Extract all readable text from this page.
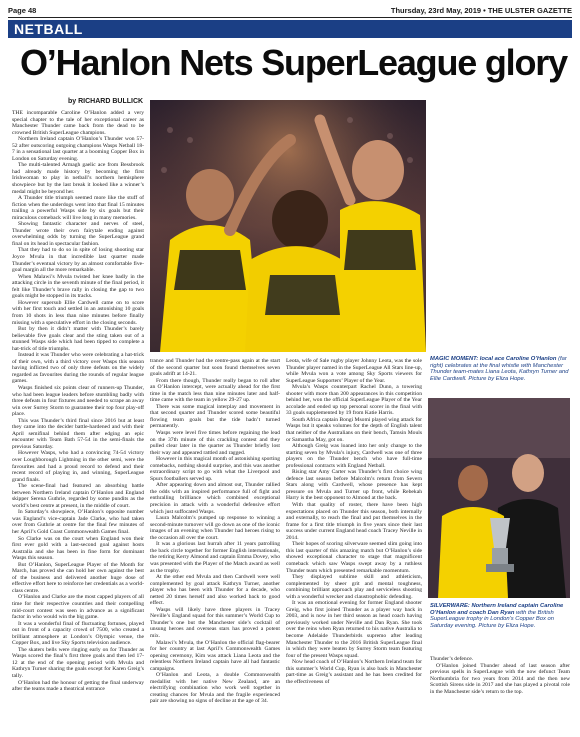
Page 48	Thursday, 23rd May, 2019 • THE ULSTER GAZETTE
NETBALL
O’Hanlon Nets SuperLeague glory
by RICHARD BULLICK

THE incomparable Caroline O’Hanlon added a very special chapter to the tale of her exceptional career as Manchester Thunder came back from the dead to be crowned British SuperLeague champions.

Northern Ireland captain O’Hanlon’s Thunder won 57-52 after outscoring outgoing champions Wasps Netball 18-7 in a sensational last quarter at a booming Copper Box in London on Saturday evening.

The multi-talented Armagh gaelic ace from Bessbrook had already made history by becoming the first Irishwoman to play in netball’s northern hemisphere showpiece but by the last break it looked like a winner’s medal might be beyond her.

A Thunder title triumph seemed more like the stuff of fiction when the underdogs went into that final 15 minutes trailing a powerful Wasps side by six goals but their miraculous comeback will live long in many memories.

Showing fantastic character and nerves of steel, Thunder wrote their own fairytale ending against overwhelming odds by turning the SuperLeague grand final on its head in spectacular fashion.

That they had to do so in spite of losing shooting star Joyce Mvula in that incredible last quarter made Thunder’s eventual victory by an almost comfortable five-goal margin all the more remarkable.

When Malawi’s Mvula twisted her knee badly in the attacking circle in the seventh minute of the final period, it felt like Thunder’s brave rally in closing the gap to two goals might be stopped in its tracks.

However supersub Ellie Cardwell came on to score with her first touch and settled in an astonishing 10 goals from 10 shots in less than nine minutes before finally missing with a speculative effort in the closing seconds.

But by then it didn’t matter with Thunder’s barely believable five goals clear and the sting taken out of a stunned Wasps side which had been tipped to complete a hat-trick of title triumphs.

Instead it was Thunder who were celebrating a hat-trick of their own, with a third victory over Wasps this season having inflicted two of only three defeats on the widely regarded as favourites during the rounds of regular league games.

Wasps finished six points clear of runners-up Thunder, who had been league leaders before stumbling badly with three defeats in four fixtures and needed to scrape an away win over Surrey Storm to guarantee their top four play-off place.

This was Thunder’s third final since 2016 but at least they came into the decider battle-hardened and with their April semifinal behind them after edging an epic encounter with Team Bath 57-54 in the semi-finals the previous Saturday.

However Wasps, who had a convincing 74-54 victory over Loughborough Lightning in the other semi, were the favourites and had a proud record to defend and their recent record of playing in, and winning, SuperLeague grand finals.

The scene-final had featured an absorbing battle between Northern Ireland captain O’Hanlon and England skipper Serena Guthrie, regarded by some pundits as the world’s best centre at present, in the middle of court.

In Saturday’s showpiece, O’Hanlon’s opposite number was England’s vice-captain Jade Clarke, who had taken over from Guthrie at centre for the final few minutes of her April’s Gold Coast Commonwealth Games final.

So Clarke was on the court when England won their first ever gold with a last-second goal against hosts Australia and she has been in fine form for dominant Wasps this season.

But O’Hanlon, SuperLeague Player of the Month for March, has proved she can hold her own against the best of the business and delivered another huge dose of effective effort here to reinforce her credentials as a world-class centre.

O’Hanlon and Clarke are the most capped players of all time for their respective countries and their compelling mid-court contest was seen in advance as a significant factor in who would win the big game.

It was a wonderful final of fluctuating fortunes, played out in front of a capacity crowd of 7500, who created a brilliant atmosphere at London’s Olympic venue, the Copper Box, and live Sky Sports television audience.

The skaters bells were ringing early on for Thunder as Wasps scored the final’s first three goals and then led 17-12 at the end of the opening period with Mvula and Kathryn Turner sharing the goals except for Karen Greig’s tally.

O’Hanlon had the honour of getting the final underway after the teams made a theatrical entrance

MAGIC MOMENT: local ace Caroline O’Hanlon (far right) celebrates at the final whistle with Manchester Thunder team-mates Liana Leota, Kathryn Turner and Ellie Cardwell. Picture by Eliza Hope.

trance and Thunder had the centre-pass again at the start of the second quarter but soon found themselves seven goals adrift at 14-21.

From there though, Thunder really began to roll after an O’Hanlon intercept, were actually ahead for the first time in the match less than nine minutes later and half-time came with the team in yellow 29-27 up.

There was some magical interplay and movement in that second quarter and Thunder scored some beautiful flowing team goals but the tide hadn’t turned permanently.

Wasps were level five times before regaining the lead on the 37th minute of this crackling contest and they pulled clear later in the quarter as Thunder briefly lost their way and appeared rattled and ragged.

However in this magical month of astonishing sporting comebacks, nothing should surprise, and this was another extraordinary script to go with what the Liverpool and Spurs footballers served up.

After appearing down and almost out, Thunder rallied the odds with an inspired performance full of fight and enthralling brilliance which combined exceptional precision in attack with a wonderful defensive effort which just suffocated Wasps.

Laura Malcolm’s pumped up response to winning a second-minute turnover will go down as one of the iconic images of an evening when Thunder had heroes rising to the occasion all over the court.

It was a glorious last hurrah after 11 years patrolling the back circle together for former English internationals, the retiring Kerry Almond and captain Emma Dovey, who was presented with the Player of the Match award as well as the trophy.

At the other end Mvula and then Cardwell were well complemented by goal attack Kathryn Turner, another player who has been with Thunder for a decade, who netted 20 times herself and also worked back to good effect.

Wasps will likely have three players in Tracey Neville’s England squad for this summer’s World Cup to Thunder’s one but the Manchester side’s cocktail of unsung heroes and overseas stars has proved a potent mix.

Malawi’s Mvula, the O’Hanlon the official flag-bearer for her country at last April’s Commonwealth Games opening ceremony, Kim was attack Liana Leota and the relentless Northern Ireland captain have all had fantastic campaigns.

O’Hanlon and Leota, a double Commonwealth medallist with her native New Zealand, are an electrifying combination who work well together in creating chances for Mvula and the fragile experienced pair are showing no signs of decline at the age of 34.

Leota, wife of Sale rugby player Johnny Leota, was the sole Thunder player named in the SuperLeague All Stars line-up, while Mvula won a vote among Sky Sports viewers for SuperLeague Supporters’ Player of the Year.

Mvula’s Wasps counterpart Rachel Dunn, a towering shooter with more than 200 appearances in this competition behind her, won the official SuperLeague Player of the Year accolade and ended up top personal scorer in the final with 33 goals supplemented by 19 from Katie Harris.

South Africa captain Bongi Msomi played wing attack for Wasps but it speaks volumes for the depth of English talent that neither of the Australians on their bench, Tamsin Mouls or Samantha May, got on.

Although Greig was loaned into her only change to the starting seven by Mvula’s injury, Cardwell was one of three players on the Thunder bench who have full-time professional contracts with England Netball.

Rising star Amy Carter was Thunder’s first choice wing defence last season before Malcolm’s return from Severn Stars along with Cardwell, whose presence has kept pressure on Mvula and Turner up front, while Rebekah Harry is the best opponent to Almond at the back.

With that quality of roster, there have been high expectations placed on Thunder this season, both internally and externally, to reach the final and put themselves in the frame for a first title triumph in five years since their last success under current England head coach Tracey Neville in 2014.

Their hopes of scoring silverware seemed slim going into this last quarter of this amazing match but O’Hanlon’s side showed exceptional character to stage that magnificent comeback which saw Wasps swept away by a ruthless Thunder team which presented remarkable momentum.

They displayed sublime skill and athleticism, complemented by sheer grit and mental toughness, combining brilliant approach play and serviceless shooting with a wonderful wrecker and claustrophobic defending.

It was an emotional evening for former England shooter Greig, who first joined Thunder as a player way back in 2003, and is now in her third season as head coach having previously worked under Neville and Dan Ryan. She took over the reins when Ryan returned to his native Australia to become Adelaide Thunderbirds supremo after leading Manchester Thunder to the 2016 British SuperLeague final in which they were beaten by Surrey Storm team featuring four of the present Wasps squad.

Now head coach of O’Hanlon’s Northern Ireland team for this summer’s World Cup, Ryan is also back in Manchester part-time as Greig’s assistant and he has been credited for the effectiveness of

SILVERWARE: Northern Ireland captain Caroline O’Hanlon and coach Dan Ryan with the British SuperLeague trophy in London’s Copper Box on Saturday evening. Picture by Eliza Hope.

Thunder’s defence.

O’Hanlon joined Thunder ahead of last season after previous spells in SuperLeague with the now defunct Team Northumbria for two years from 2014 and the then new Scottish Sirens side in 2017 and she has played a pivotal role in the Manchester side’s return to the top.
